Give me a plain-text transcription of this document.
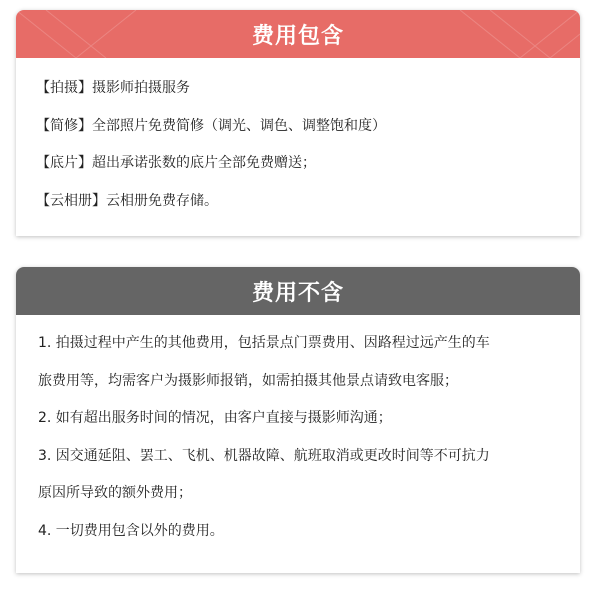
费用包含
【拍摄】摄影师拍摄服务
【简修】全部照片免费简修（调光、调色、调整饱和度）
【底片】超出承诺张数的底片全部免费赠送；
【云相册】云相册免费存储。
费用不含
1. 拍摄过程中产生的其他费用，包括景点门票费用、因路程过远产生的车
旅费用等，均需客户为摄影师报销，如需拍摄其他景点请致电客服；
2. 如有超出服务时间的情况，由客户直接与摄影师沟通；
3. 因交通延阻、罢工、飞机、机器故障、航班取消或更改时间等不可抗力
原因所导致的额外费用；
4. 一切费用包含以外的费用。
